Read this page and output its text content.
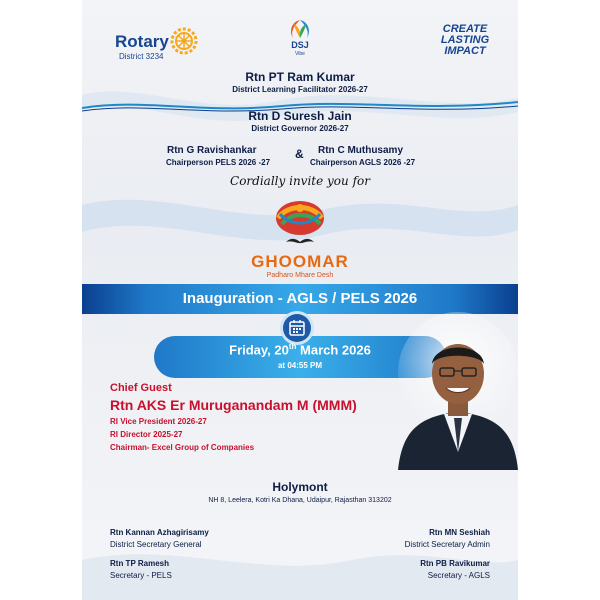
Rotary
District 3234
DSJ
Vibe
CREATE
LASTING
IMPACT
Rtn PT Ram Kumar
District Learning Facilitator 2026-27
Rtn D Suresh Jain
District Governor 2026-27
Rtn G Ravishankar
Chairperson PELS 2026 -27
& Rtn C Muthusamy
Chairperson AGLS 2026 -27
Cordially invite you for
GHOOMAR
Padharo Mhare Desh
Inauguration - AGLS / PELS 2026
Friday, 20th March 2026
at 04:55 PM
Chief Guest
Rtn AKS Er Muruganandam M (MMM)
RI Vice President 2026-27
RI Director 2025-27
Chairman- Excel Group of Companies
Holymont
NH 8, Leelera, Kotri Ka Dhana, Udaipur, Rajasthan 313202
Rtn Kannan Azhagirisamy
District Secretary General
Rtn TP Ramesh
Secretary - PELS
Rtn MN Seshiah
District Secretary Admin
Rtn PB Ravikumar
Secretary - AGLS
